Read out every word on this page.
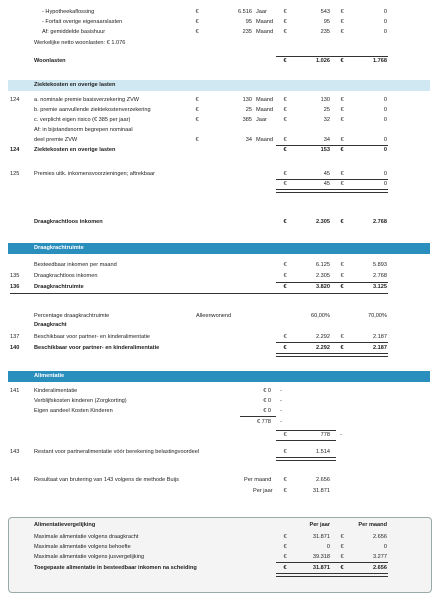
- Hypotheekaflossing	€	6.516 Jaar	€	543	€	0
- Forfait overige eigenaarslasten	€	95 Maand	€	95	€	0
Af: gemiddelde basishuur	€	235 Maand	€	235	€	0
Werkelijke netto woonlasten: € 1.076
Woonlasten	€	1.026	€	1.768
Ziektekosten en overige lasten
124	a. nominale premie basisverzekering ZVW	€	130 Maand	€	130	€	0
b. premie aanvullende ziektekostenverzekering	€	25 Maand	€	25	€	0
c. verplicht eigen risico (€ 385 per jaar)	€	385 Jaar	€	32	€	0
Af: in bijstandsnorm begrepen nominaal
deel premie ZVW	€	34 Maand	€	34	€	0
124	Ziektekosten en overige lasten	€	153	€	0
125	Premies uitk. inkomensvoorzieningen; aftrekbaar	€	45	€	0
€	45	€	0
Draagkrachtloos inkomen	€	2.305	€	2.768
Draagkrachtruimte
Besteedbaar inkomen per maand	€	6.125	€	5.893
135	Draagkrachtloos inkomen	€	2.305	€	2.768
136	Draagkrachtruimte	€	3.820	€	3.125
Percentage draagkrachtruimte	Alleenwonend	60,00%	70,00%
Draagkracht
137	Beschikbaar voor partner- en kinderalimentatie	€	2.292	€	2.187
140	Beschikbaar voor partner- en kinderalimentatie	€	2.292	€	2.187
Alimentatie
141	Kinderalimentatie	€ 0 -
Verblijfskosten kinderen (Zorgkorting)	€ 0 -
Eigen aandeel Kosten Kinderen	€ 0 -
€ 778 -
€	778 -
143	Restant voor partneralimentatie vóór berekening belastingvoordeel	€	1.514
144	Resultaat van brutering van 143 volgens de methode Buijs	Per maand	€	2.656
Per jaar	€	31.871
Alimentatievergelijking	Per jaar	Per maand
Maximale alimentatie volgens draagkracht	€	31.871	€	2.656
Maximale alimentatie volgens behoefte	€	0	€	0
Maximale alimentatie volgens jusvergelijking	€	39.318	€	3.277
Toegepaste alimentatie in besteedbaar inkomen na scheiding	€	31.871	€	2.656
